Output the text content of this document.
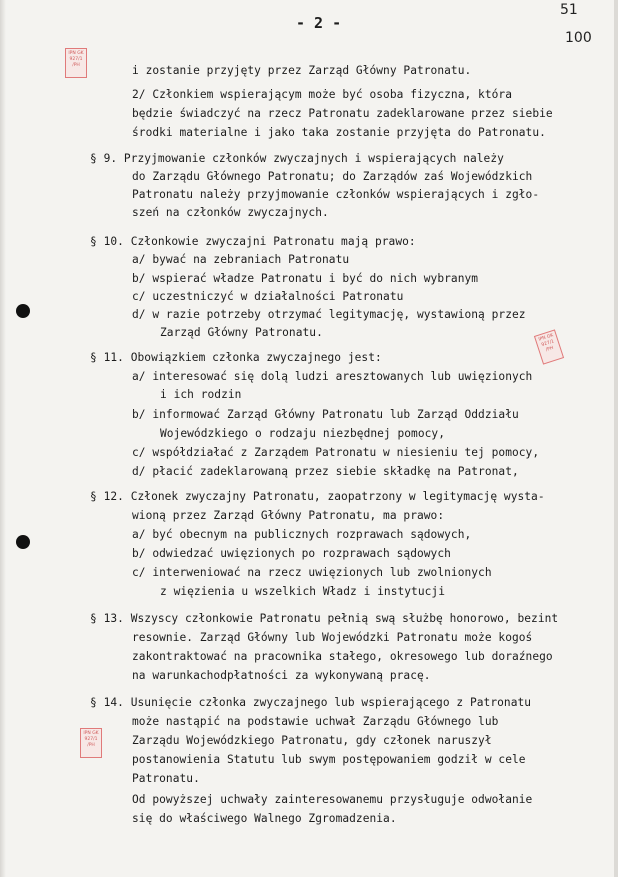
- 2 -
51
100
IPN GK 927/1 /PH
IPN GK 927/1 /PH
IPN GK 927/1 /PH
i zostanie przyjęty przez Zarząd Główny Patronatu.
2/ Członkiem wspierającym może być osoba fizyczna, która
będzie świadczyć na rzecz Patronatu zadeklarowane przez siebie
środki materialne i jako taka zostanie przyjęta do Patronatu.
§ 9. Przyjmowanie członków zwyczajnych i wspierających należy
do Zarządu Głównego Patronatu; do Zarządów zaś Wojewódzkich
Patronatu należy przyjmowanie członków wspierających i zgło-
szeń na członków zwyczajnych.
§ 10. Członkowie zwyczajni Patronatu mają prawo:
a/ bywać na zebraniach Patronatu
b/ wspierać władze Patronatu i być do nich wybranym
c/ uczestniczyć w działalności Patronatu
d/ w razie potrzeby otrzymać legitymację, wystawioną przez
Zarząd Główny Patronatu.
§ 11. Obowiązkiem członka zwyczajnego jest:
a/ interesować się dolą ludzi aresztowanych lub uwięzionych
i ich rodzin
b/ informować Zarząd Główny Patronatu lub Zarząd Oddziału
Wojewódzkiego o rodzaju niezbędnej pomocy,
c/ współdziałać z Zarządem Patronatu w niesieniu tej pomocy,
d/ płacić zadeklarowaną przez siebie składkę na Patronat,
§ 12. Członek zwyczajny Patronatu, zaopatrzony w legitymację wysta-
wioną przez Zarząd Główny Patronatu, ma prawo:
a/ być obecnym na publicznych rozprawach sądowych,
b/ odwiedzać uwięzionych po rozprawach sądowych
c/ interweniować na rzecz uwięzionych lub zwolnionych
z więzienia u wszelkich Władz i instytucji
§ 13. Wszyscy członkowie Patronatu pełnią swą służbę honorowo, bezint
resownie. Zarząd Główny lub Wojewódzki Patronatu może kogoś
zakontraktować na pracownika stałego, okresowego lub doraźnego
na warunkachodpłatności za wykonywaną pracę.
§ 14. Usunięcie członka zwyczajnego lub wspierającego z Patronatu
może nastąpić na podstawie uchwał Zarządu Głównego lub
Zarządu Wojewódzkiego Patronatu, gdy członek naruszył
postanowienia Statutu lub swym postępowaniem godził w cele
Patronatu.
Od powyższej uchwały zainteresowanemu przysługuje odwołanie
się do właściwego Walnego Zgromadzenia.
